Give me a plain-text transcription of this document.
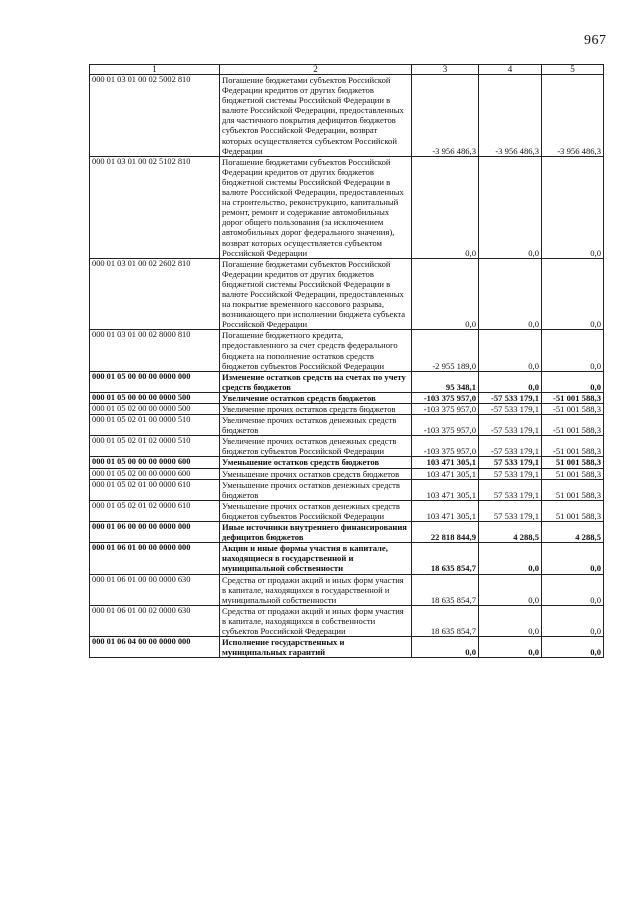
967
1	2	3	4	5
000 01 03 01 00 02 5002 810	Погашение бюджетами субъектов Российской Федерации кредитов от других бюджетов бюджетной системы Российской Федерации в валюте Российской Федерации, предоставленных для частичного покрытия дефицитов бюджетов субъектов Российской Федерации, возврат которых осуществляется субъектом Российской Федерации	-3 956 486,3	-3 956 486,3	-3 956 486,3
000 01 03 01 00 02 5102 810	Погашение бюджетами субъектов Российской Федерации кредитов от других бюджетов бюджетной системы Российской Федерации в валюте Российской Федерации, предоставленных на строительство, реконструкцию, капитальный ремонт, ремонт и содержание автомобильных дорог общего пользования (за исключением автомобильных дорог федерального значения), возврат которых осуществляется субъектом Российской Федерации	0,0	0,0	0,0
000 01 03 01 00 02 2602 810	Погашение бюджетами субъектов Российской Федерации кредитов от других бюджетов бюджетной системы Российской Федерации в валюте Российской Федерации, предоставленных на покрытие временного кассового разрыва, возникающего при исполнении бюджета субъекта Российской Федерации	0,0	0,0	0,0
000 01 03 01 00 02 8000 810	Погашение бюджетного кредита, предоставленного за счет средств федерального бюджета на пополнение остатков средств бюджетов субъектов Российской Федерации	-2 955 189,0	0,0	0,0
000 01 05 00 00 00 0000 000	Изменение остатков средств на счетах по учету средств бюджетов	95 348,1	0,0	0,0
000 01 05 00 00 00 0000 500	Увеличение остатков средств бюджетов	-103 375 957,0	-57 533 179,1	-51 001 588,3
000 01 05 02 00 00 0000 500	Увеличение прочих остатков средств бюджетов	-103 375 957,0	-57 533 179,1	-51 001 588,3
000 01 05 02 01 00 0000 510	Увеличение прочих остатков денежных средств бюджетов	-103 375 957,0	-57 533 179,1	-51 001 588,3
000 01 05 02 01 02 0000 510	Увеличение прочих остатков денежных средств бюджетов субъектов Российской Федерации	-103 375 957,0	-57 533 179,1	-51 001 588,3
000 01 05 00 00 00 0000 600	Уменьшение остатков средств бюджетов	103 471 305,1	57 533 179,1	51 001 588,3
000 01 05 02 00 00 0000 600	Уменьшение прочих остатков средств бюджетов	103 471 305,1	57 533 179,1	51 001 588,3
000 01 05 02 01 00 0000 610	Уменьшение прочих остатков денежных средств бюджетов	103 471 305,1	57 533 179,1	51 001 588,3
000 01 05 02 01 02 0000 610	Уменьшение прочих остатков денежных средств бюджетов субъектов Российской Федерации	103 471 305,1	57 533 179,1	51 001 588,3
000 01 06 00 00 00 0000 000	Иные источники внутреннего финансирования дефицитов бюджетов	22 818 844,9	4 288,5	4 288,5
000 01 06 01 00 00 0000 000	Акции и иные формы участия в капитале, находящиеся в государственной и муниципальной собственности	18 635 854,7	0,0	0,0
000 01 06 01 00 00 0000 630	Средства от продажи акций и иных форм участия в капитале, находящихся в государственной и муниципальной собственности	18 635 854,7	0,0	0,0
000 01 06 01 00 02 0000 630	Средства от продажи акций и иных форм участия в капитале, находящихся в собственности субъектов Российской Федерации	18 635 854,7	0,0	0,0
000 01 06 04 00 00 0000 000	Исполнение государственных и муниципальных гарантий	0,0	0,0	0,0
